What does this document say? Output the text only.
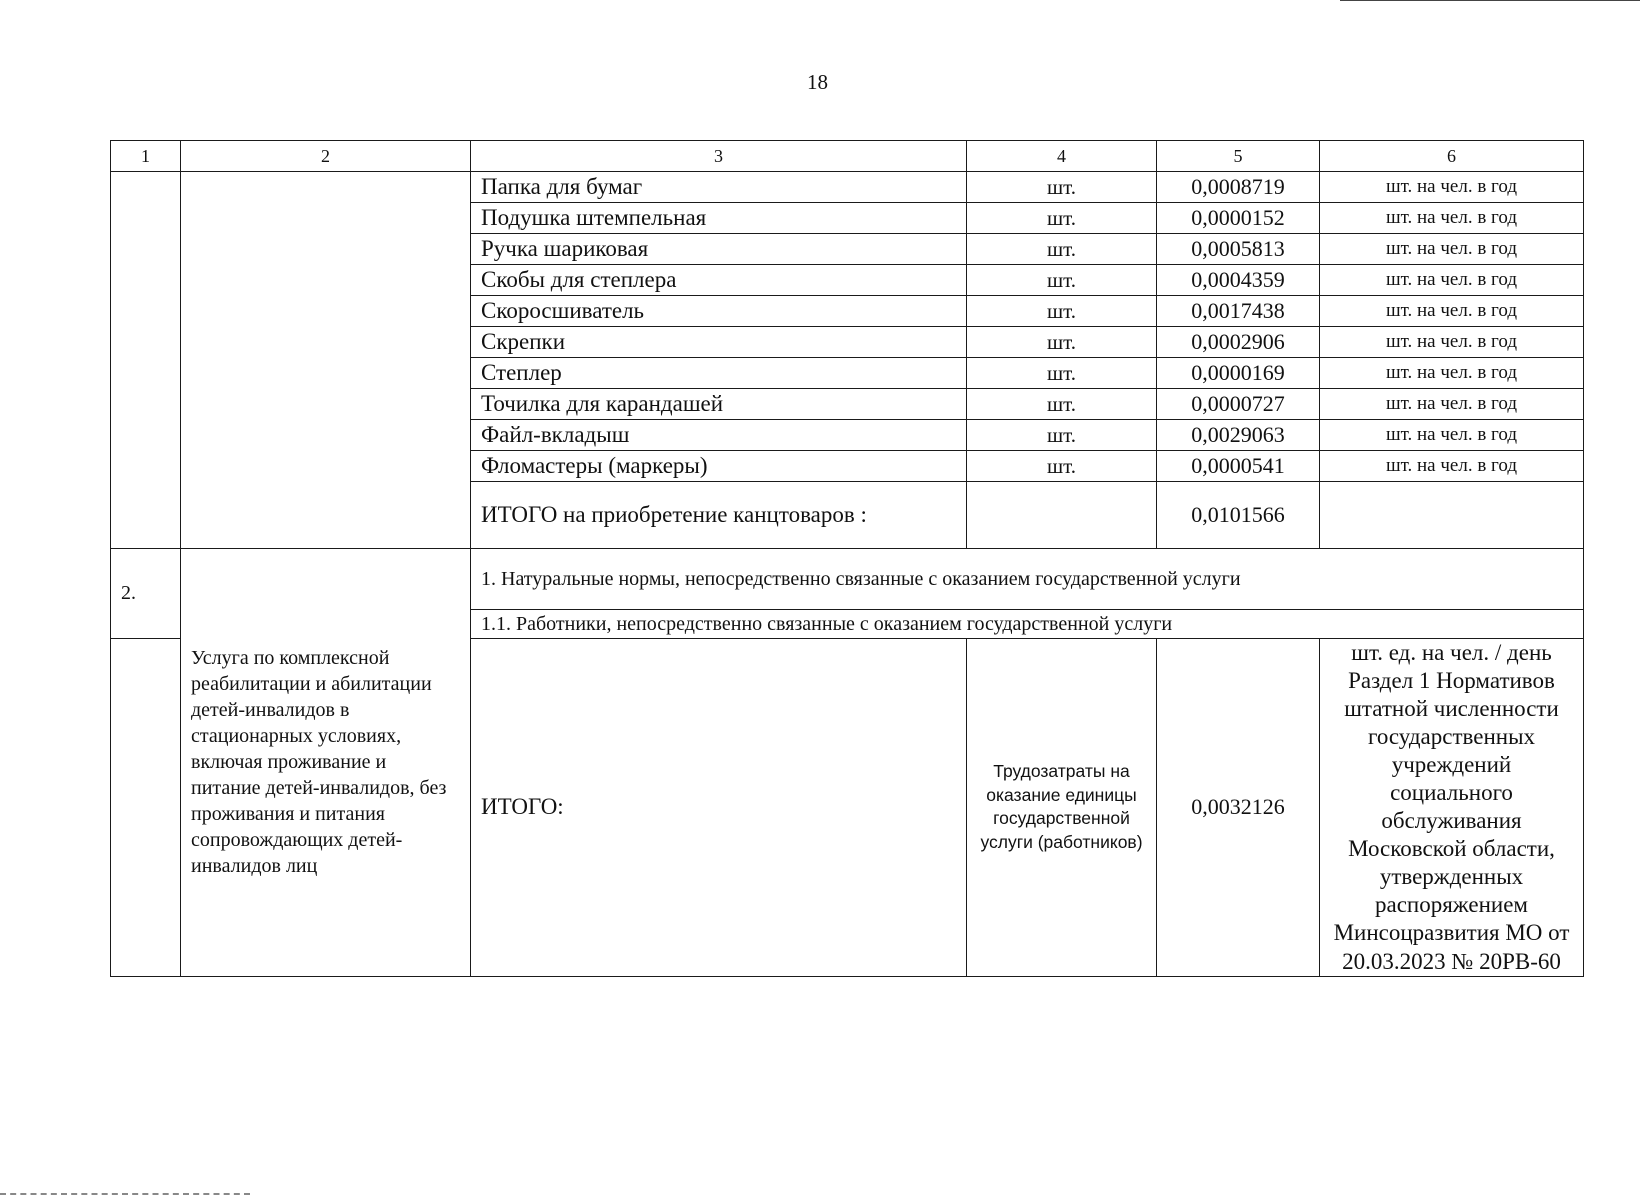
18
1	2	3	4	5	6
		Папка для бумаг	шт.	0,0008719	шт. на чел. в год
		Подушка штемпельная	шт.	0,0000152	шт. на чел. в год
		Ручка шариковая	шт.	0,0005813	шт. на чел. в год
		Скобы для степлера	шт.	0,0004359	шт. на чел. в год
		Скоросшиватель	шт.	0,0017438	шт. на чел. в год
		Скрепки	шт.	0,0002906	шт. на чел. в год
		Степлер	шт.	0,0000169	шт. на чел. в год
		Точилка для карандашей	шт.	0,0000727	шт. на чел. в год
		Файл-вкладыш	шт.	0,0029063	шт. на чел. в год
		Фломастеры (маркеры)	шт.	0,0000541	шт. на чел. в год
		ИТОГО на приобретение канцтоваров :		0,0101566	
2.	Услуга по комплексной реабилитации и абилитации детей-инвалидов в стационарных условиях, включая проживание и питание детей-инвалидов, без проживания и питания сопровождающих детей-инвалидов лиц	1. Натуральные нормы, непосредственно связанные с оказанием государственной услуги			
		1.1. Работники, непосредственно связанные с оказанием государственной услуги			
		ИТОГО:	Трудозатраты на оказание единицы государственной услуги (работников)	0,0032126	шт. ед. на чел. / день Раздел 1 Нормативов штатной численности государственных учреждений социального обслуживания Московской области, утвержденных распоряжением Минсоцразвития МО от 20.03.2023 № 20РВ-60
